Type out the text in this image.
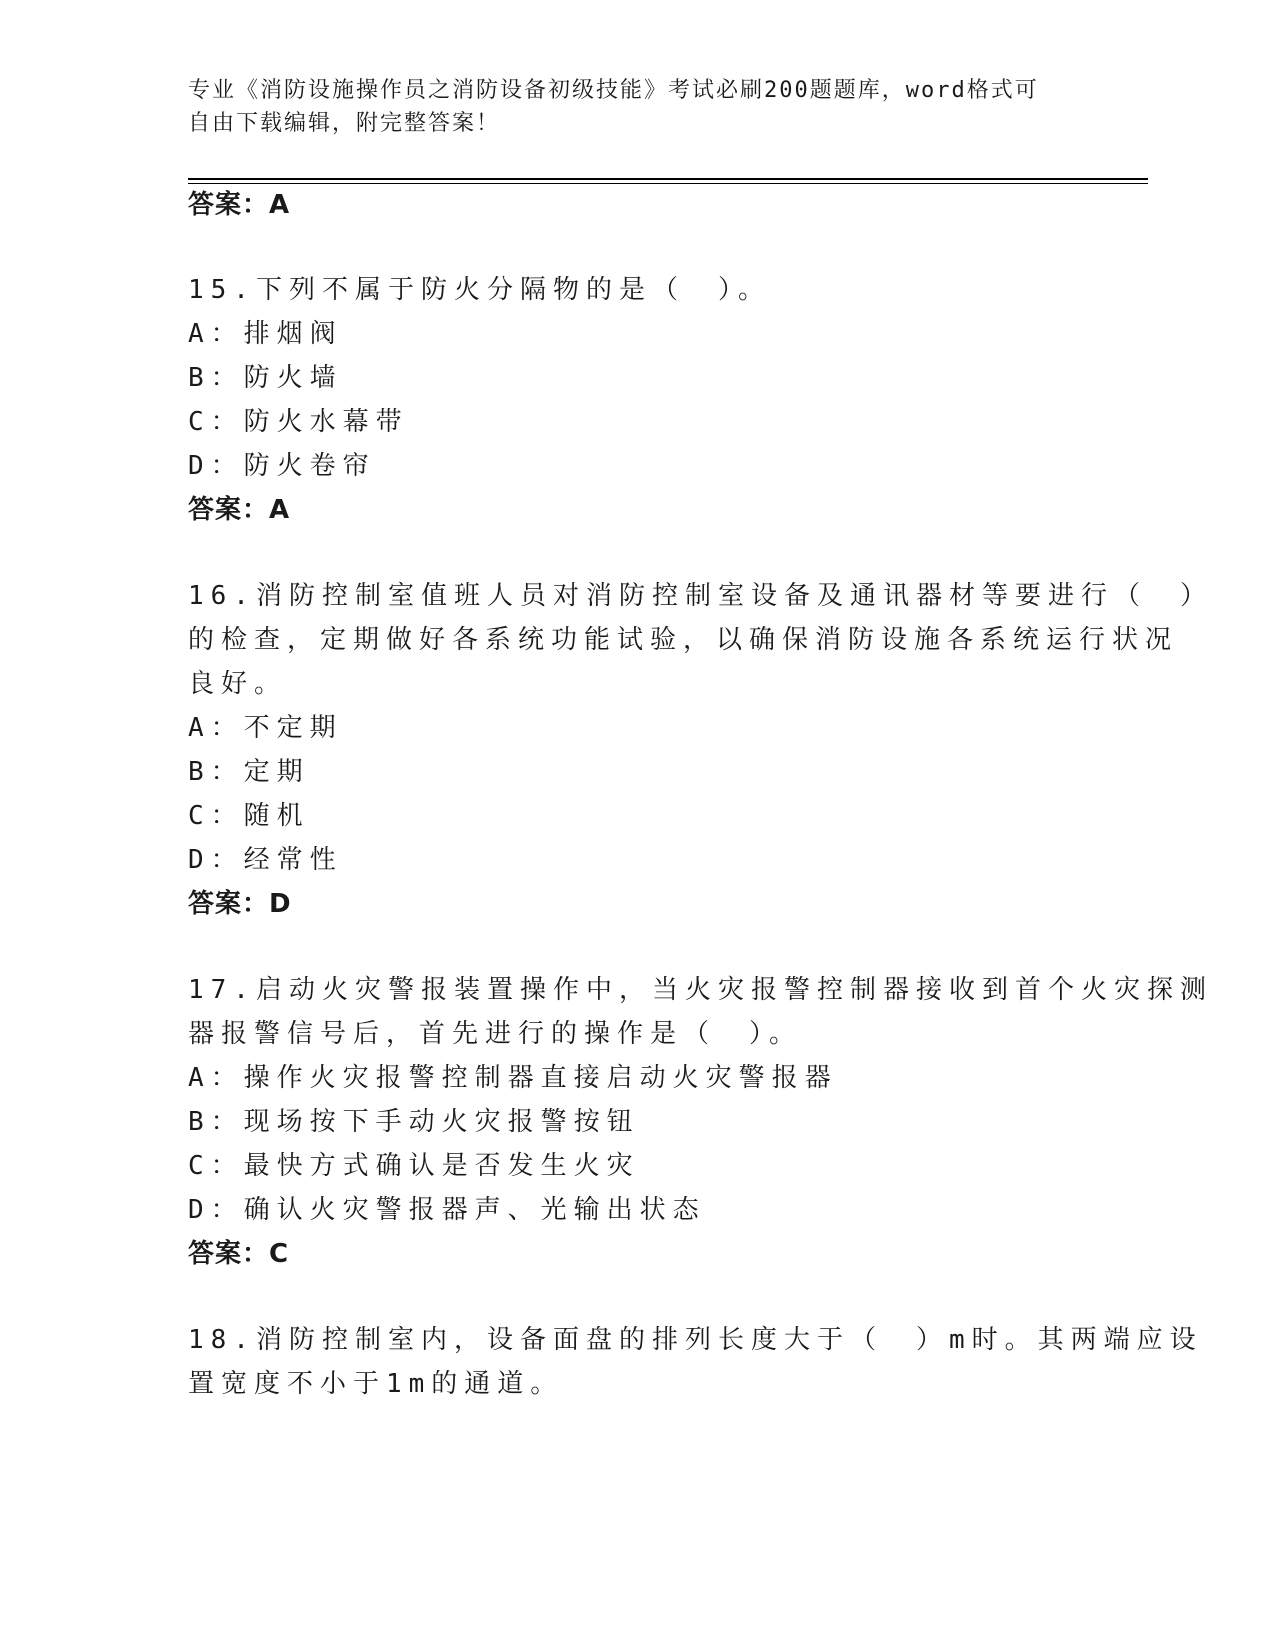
专业《消防设施操作员之消防设备初级技能》考试必刷200题题库，word格式可
自由下载编辑，附完整答案！
答案：A
15.下列不属于防火分隔物的是（　）。
A：排烟阀
B：防火墙
C：防火水幕带
D：防火卷帘
答案：A
16.消防控制室值班人员对消防控制室设备及通讯器材等要进行（　）
的检查，定期做好各系统功能试验，以确保消防设施各系统运行状况
良好。
A：不定期
B：定期
C：随机
D：经常性
答案：D
17.启动火灾警报装置操作中，当火灾报警控制器接收到首个火灾探测
器报警信号后，首先进行的操作是（　）。
A：操作火灾报警控制器直接启动火灾警报器
B：现场按下手动火灾报警按钮
C：最快方式确认是否发生火灾
D：确认火灾警报器声、光输出状态
答案：C
18.消防控制室内，设备面盘的排列长度大于（　）m时。其两端应设
置宽度不小于1m的通道。
